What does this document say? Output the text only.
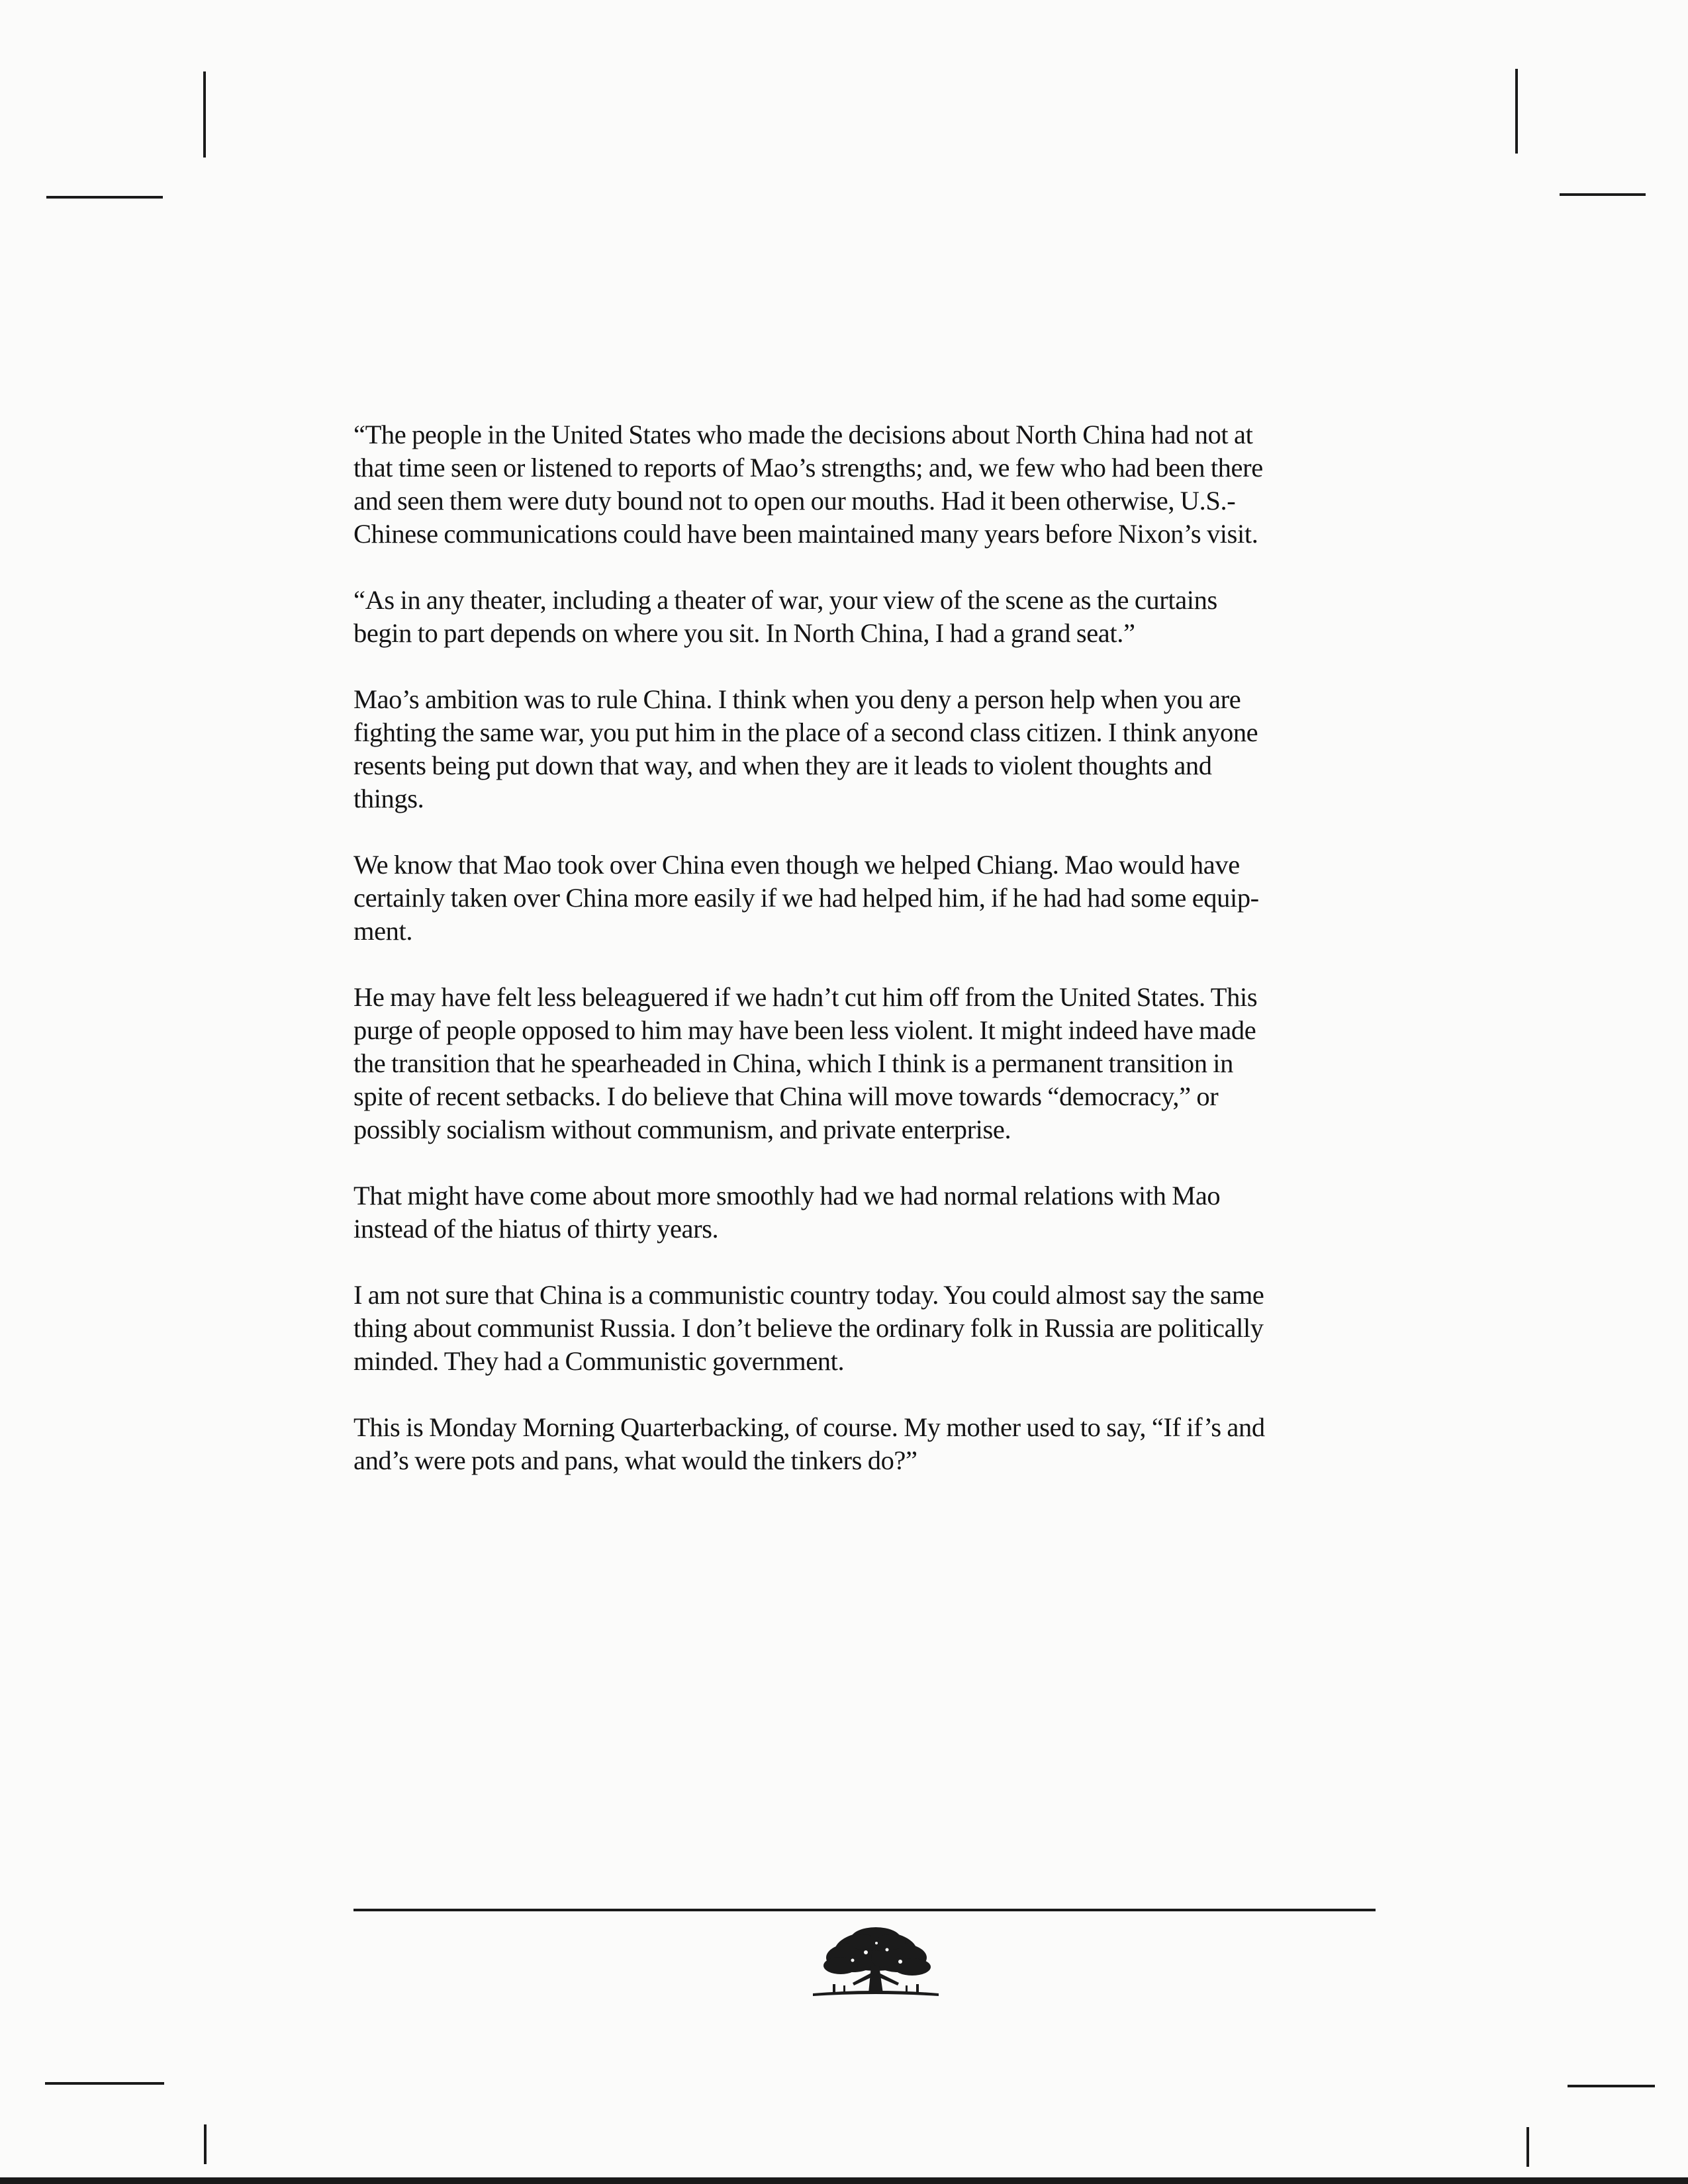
“The people in the United States who made the decisions about North China had not at
that time seen or listened to reports of Mao’s strengths; and, we few who had been there
and seen them were duty bound not to open our mouths. Had it been otherwise, U.S.-
Chinese communications could have been maintained many years before Nixon’s visit.

“As in any theater, including a theater of war, your view of the scene as the curtains
begin to part depends on where you sit. In North China, I had a grand seat.”

Mao’s ambition was to rule China. I think when you deny a person help when you are
fighting the same war, you put him in the place of a second class citizen. I think anyone
resents being put down that way, and when they are it leads to violent thoughts and
things.

We know that Mao took over China even though we helped Chiang. Mao would have
certainly taken over China more easily if we had helped him, if he had had some equip-
ment.

He may have felt less beleaguered if we hadn’t cut him off from the United States. This
purge of people opposed to him may have been less violent. It might indeed have made
the transition that he spearheaded in China, which I think is a permanent transition in
spite of recent setbacks. I do believe that China will move towards “democracy,” or
possibly socialism without communism, and private enterprise.

That might have come about more smoothly had we had normal relations with Mao
instead of the hiatus of thirty years.

I am not sure that China is a communistic country today. You could almost say the same
thing about communist Russia. I don’t believe the ordinary folk in Russia are politically
minded. They had a Communistic government.

This is Monday Morning Quarterbacking, of course. My mother used to say, “If if’s and
and’s were pots and pans, what would the tinkers do?”
